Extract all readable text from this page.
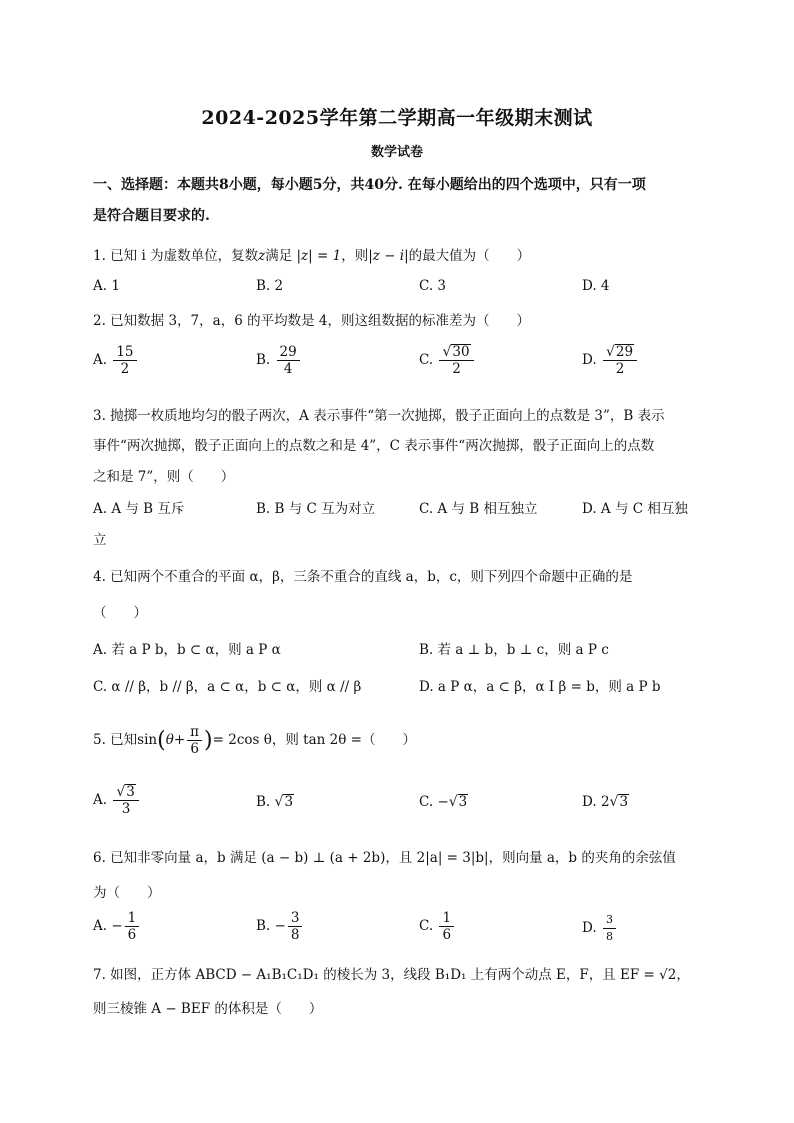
2024-2025学年第二学期高一年级期末测试
数学试卷
一、选择题：本题共8小题，每小题5分，共40分. 在每小题给出的四个选项中，只有一项
是符合题目要求的.
1. 已知 i 为虚数单位，复数z满足 |z| = 1，则|z − i|的最大值为（　　）
A. 1	B. 2	C. 3	D. 4
2. 已知数据 3，7，a，6 的平均数是 4，则这组数据的标准差为（　　）
A. $\frac{15}{2}$	B. $\frac{29}{4}$	C. $\frac{√30}{2}$	D. $\frac{√29}{2}$
3. 抛掷一枚质地均匀的骰子两次，A 表示事件“第一次抛掷，骰子正面向上的点数是 3”，B 表示
事件“两次抛掷，骰子正面向上的点数之和是 4”，C 表示事件“两次抛掷，骰子正面向上的点数
之和是 7”，则（　　）
A. A 与 B 互斥	B. B 与 C 互为对立	C. A 与 B 相互独立	D. A 与 C 相互独
立
4. 已知两个不重合的平面 α，β，三条不重合的直线 a，b，c，则下列四个命题中正确的是
（　　）
A. 若 a P b，b ⊂ α，则 a P α	B. 若 a ⊥ b，b ⊥ c，则 a P c
C. α // β，b // β，a ⊂ α，b ⊂ α，则 α // β	D. a P α，a ⊂ β，α I β = b，则 a P b
5. 已知$\sin(\theta+ \frac{\pi}{6}$ )= 2cos θ，则 tan 2θ =（　　）
A. $\frac{√3}{3}$	B. √3	C. −√3	D. 2√3
6. 已知非零向量 a，b 满足 (a − b) ⊥ (a + 2b)，且 2|a| = 3|b|，则向量 a，b 的夹角的余弦值
为（　　）
A. − $\frac{1}{6}$	B. − $\frac{3}{8}$	C. $\frac{1}{6}$	D. $\frac{3}{8}$
7. 如图，正方体 ABCD − A₁B₁C₁D₁ 的棱长为 3，线段 B₁D₁ 上有两个动点 E，F，且 EF = √2，
则三棱锥 A − BEF 的体积是（　　）
